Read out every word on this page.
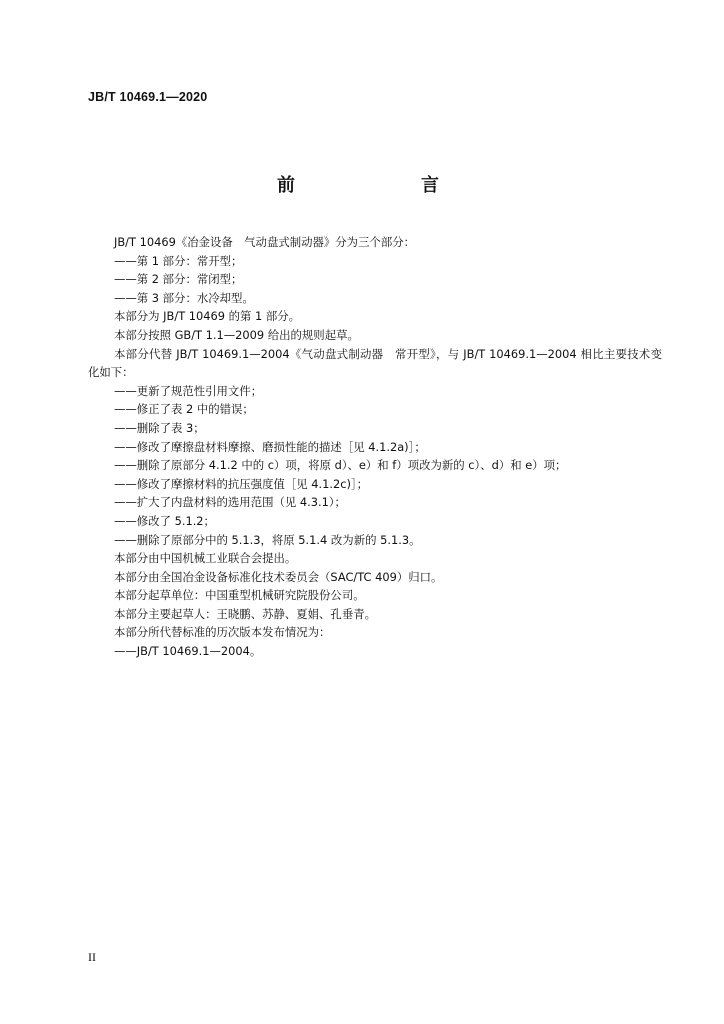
JB/T 10469.1—2020
前　　言

JB/T 10469《冶金设备　气动盘式制动器》分为三个部分：

——第 1 部分：常开型；

——第 2 部分：常闭型；

——第 3 部分：水冷却型。

本部分为 JB/T 10469 的第 1 部分。

本部分按照 GB/T 1.1—2009 给出的规则起草。

本部分代替 JB/T 10469.1—2004《气动盘式制动器　常开型》，与 JB/T 10469.1—2004 相比主要技术变化如下：

——更新了规范性引用文件；

——修正了表 2 中的错误；

——删除了表 3；

——修改了摩擦盘材料摩擦、磨损性能的描述［见 4.1.2a)］；

——删除了原部分 4.1.2 中的 c）项，将原 d）、e）和 f）项改为新的 c）、d）和 e）项；

——修改了摩擦材料的抗压强度值［见 4.1.2c)］；

——扩大了内盘材料的选用范围（见 4.3.1）；

——修改了 5.1.2；

——删除了原部分中的 5.1.3，将原 5.1.4 改为新的 5.1.3。

本部分由中国机械工业联合会提出。

本部分由全国冶金设备标准化技术委员会（SAC/TC 409）归口。

本部分起草单位：中国重型机械研究院股份公司。

本部分主要起草人：王晓鹏、苏静、夏娟、孔垂青。

本部分所代替标准的历次版本发布情况为：

——JB/T 10469.1—2004。

II
